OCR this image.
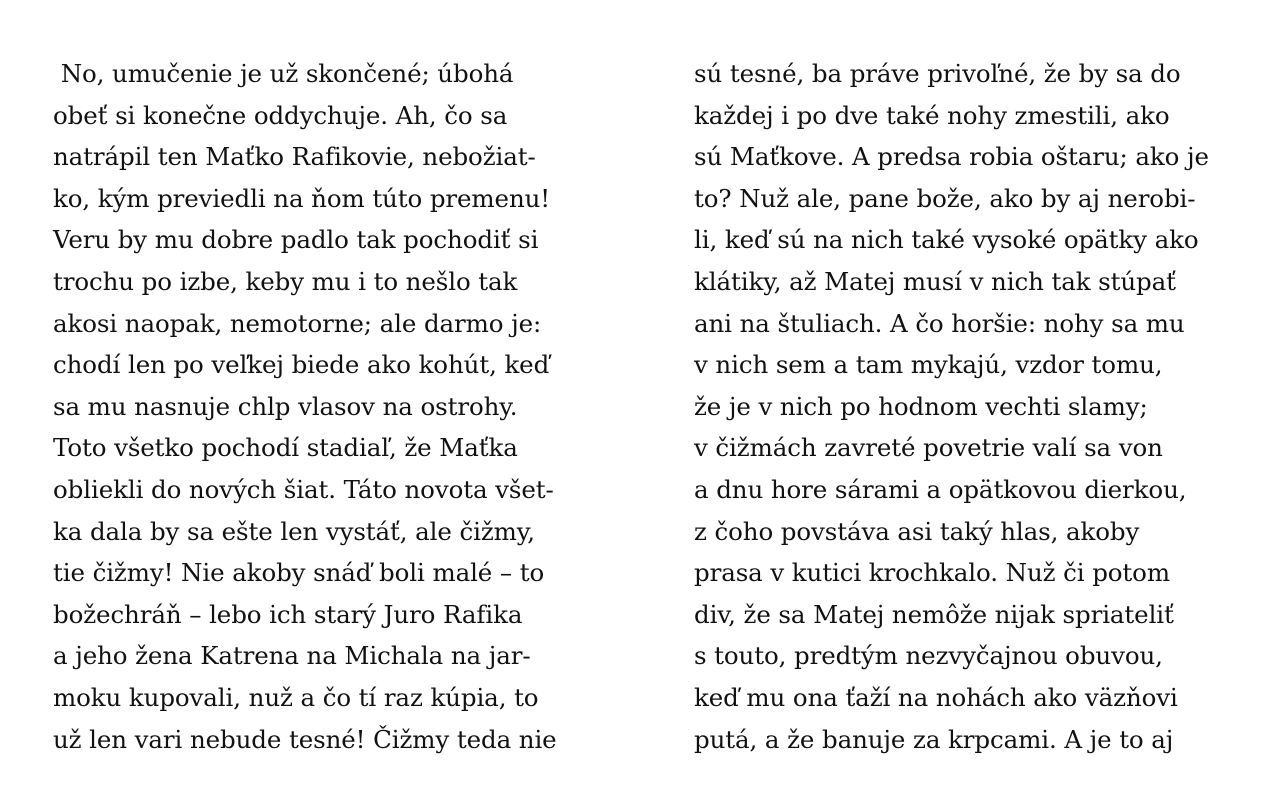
No, umučenie je už skončené; úbohá
obeť si konečne oddychuje. Ah, čo sa
natrápil ten Maťko Rafikovie, nebožiat-
ko, kým previedli na ňom túto premenu!
Veru by mu dobre padlo tak pochodiť si
trochu po izbe, keby mu i to nešlo tak
akosi naopak, nemotorne; ale darmo je:
chodí len po veľkej biede ako kohút, keď
sa mu nasnuje chlp vlasov na ostrohy.
Toto všetko pochodí stadiaľ, že Maťka
obliekli do nových šiat. Táto novota všet-
ka dala by sa ešte len vystáť, ale čižmy,
tie čižmy! Nie akoby snáď boli malé – to
božechráň – lebo ich starý Juro Rafika
a jeho žena Katrena na Michala na jar-
moku kupovali, nuž a čo tí raz kúpia, to
už len vari nebude tesné! Čižmy teda nie
sú tesné, ba práve privoľné, že by sa do
každej i po dve také nohy zmestili, ako
sú Maťkove. A predsa robia oštaru; ako je
to? Nuž ale, pane bože, ako by aj nerobi-
li, keď sú na nich také vysoké opätky ako
klátiky, až Matej musí v nich tak stúpať
ani na štuliach. A čo horšie: nohy sa mu
v nich sem a tam mykajú, vzdor tomu,
že je v nich po hodnom vechti slamy;
v čižmách zavreté povetrie valí sa von
a dnu hore sárami a opätkovou dierkou,
z čoho povstáva asi taký hlas, akoby
prasa v kutici krochkalo. Nuž či potom
div, že sa Matej nemôže nijak spriateliť
s touto, predtým nezvyčajnou obuvou,
keď mu ona ťaží na nohách ako väzňovi
putá, a že banuje za krpcami. A je to aj
